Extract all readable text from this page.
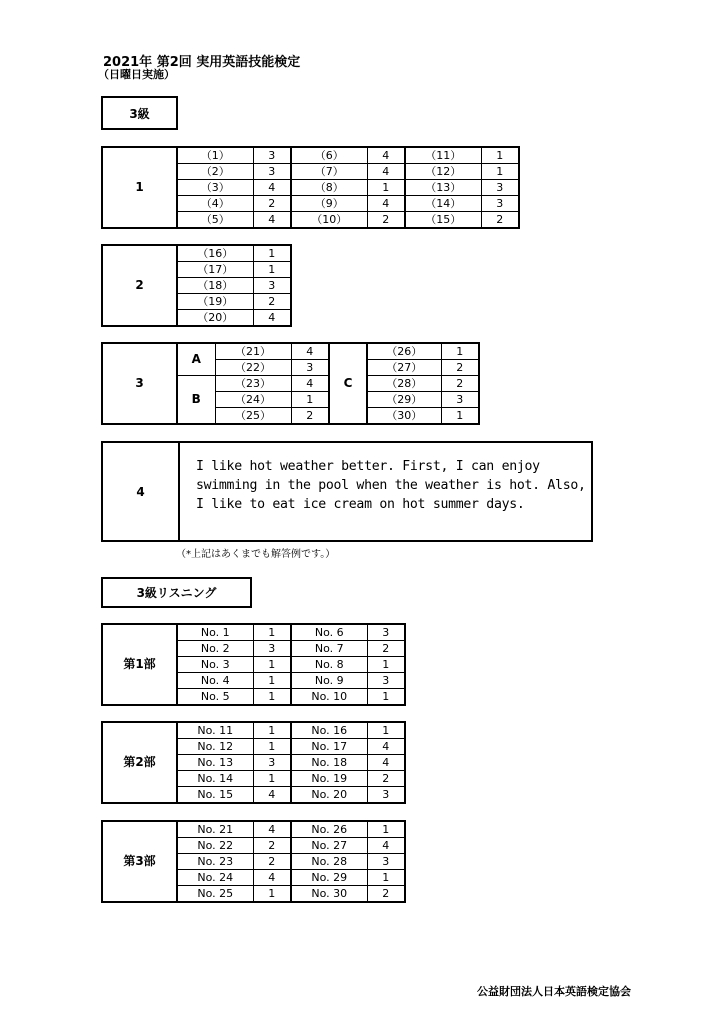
2021年 第2回 実用英語技能検定
（日曜日実施）
3級
1	（1）	3	（6）	4	（11）	1
	（2）	3	（7）	4	（12）	1
	（3）	4	（8）	1	（13）	3
	（4）	2	（9）	4	（14）	3
	（5）	4	（10）	2	（15）	2
2	（16）	1
	（17）	1
	（18）	3
	（19）	2
	（20）	4
3	A	（21）	4	C	（26）	1
		（22）	3		（27）	2
	B	（23）	4		（28）	2
		（24）	1		（29）	3
		（25）	2		（30）	1
4
I like hot weather better. First, I can enjoy swimming in the pool when the weather is hot. Also, I like to eat ice cream on hot summer days.
（*上記はあくまでも解答例です。）
3級リスニング
第1部	No. 1	1	No. 6	3
	No. 2	3	No. 7	2
	No. 3	1	No. 8	1
	No. 4	1	No. 9	3
	No. 5	1	No. 10	1
第2部	No. 11	1	No. 16	1
	No. 12	1	No. 17	4
	No. 13	3	No. 18	4
	No. 14	1	No. 19	2
	No. 15	4	No. 20	3
第3部	No. 21	4	No. 26	1
	No. 22	2	No. 27	4
	No. 23	2	No. 28	3
	No. 24	4	No. 29	1
	No. 25	1	No. 30	2
公益財団法人日本英語検定協会
